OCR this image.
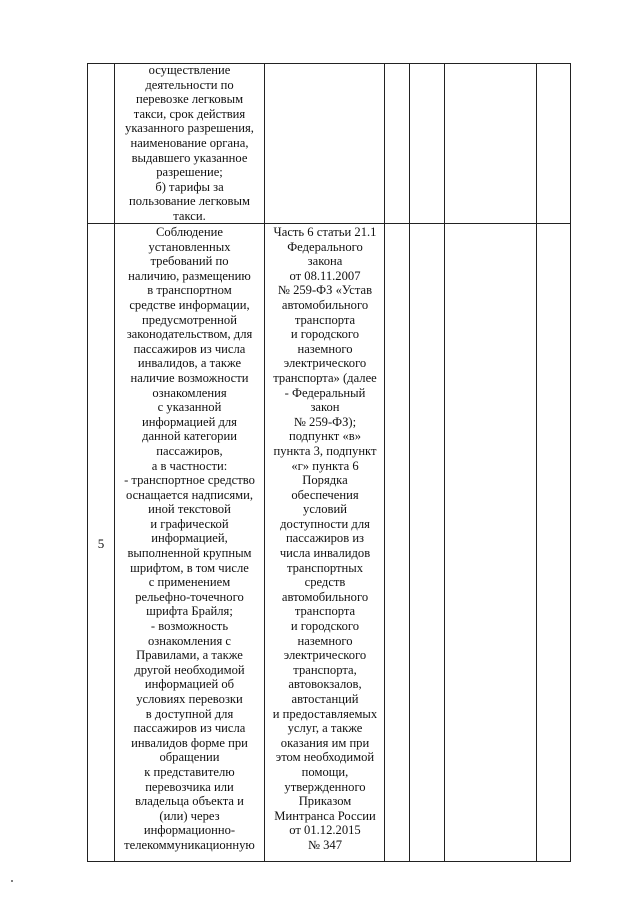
осуществление
деятельности по
перевозке легковым
такси, срок действия
указанного разрешения,
наименование органа,
выдавшего указанное
разрешение;
б) тарифы за
пользование легковым
такси.
5
Соблюдение
установленных
требований по
наличию, размещению
в транспортном
средстве информации,
предусмотренной
законодательством, для
пассажиров из числа
инвалидов, а также
наличие возможности
ознакомления
с указанной
информацией для
данной категории
пассажиров,
а в частности:
- транспортное средство
оснащается надписями,
иной текстовой
и графической
информацией,
выполненной крупным
шрифтом, в том числе
с применением
рельефно-точечного
шрифта Брайля;
- возможность
ознакомления с
Правилами, а также
другой необходимой
информацией об
условиях перевозки
в доступной для
пассажиров из числа
инвалидов форме при
обращении
к представителю
перевозчика или
владельца объекта и
(или) через
информационно-
телекоммуникационную
Часть 6 статьи 21.1
Федерального
закона
от 08.11.2007
№ 259-ФЗ «Устав
автомобильного
транспорта
и городского
наземного
электрического
транспорта» (далее
- Федеральный
закон
№ 259-ФЗ);
подпункт «в»
пункта 3, подпункт
«г» пункта 6
Порядка
обеспечения
условий
доступности для
пассажиров из
числа инвалидов
транспортных
средств
автомобильного
транспорта
и городского
наземного
электрического
транспорта,
автовокзалов,
автостанций
и предоставляемых
услуг, а также
оказания им при
этом необходимой
помощи,
утвержденного
Приказом
Минтранса России
от 01.12.2015
№ 347
